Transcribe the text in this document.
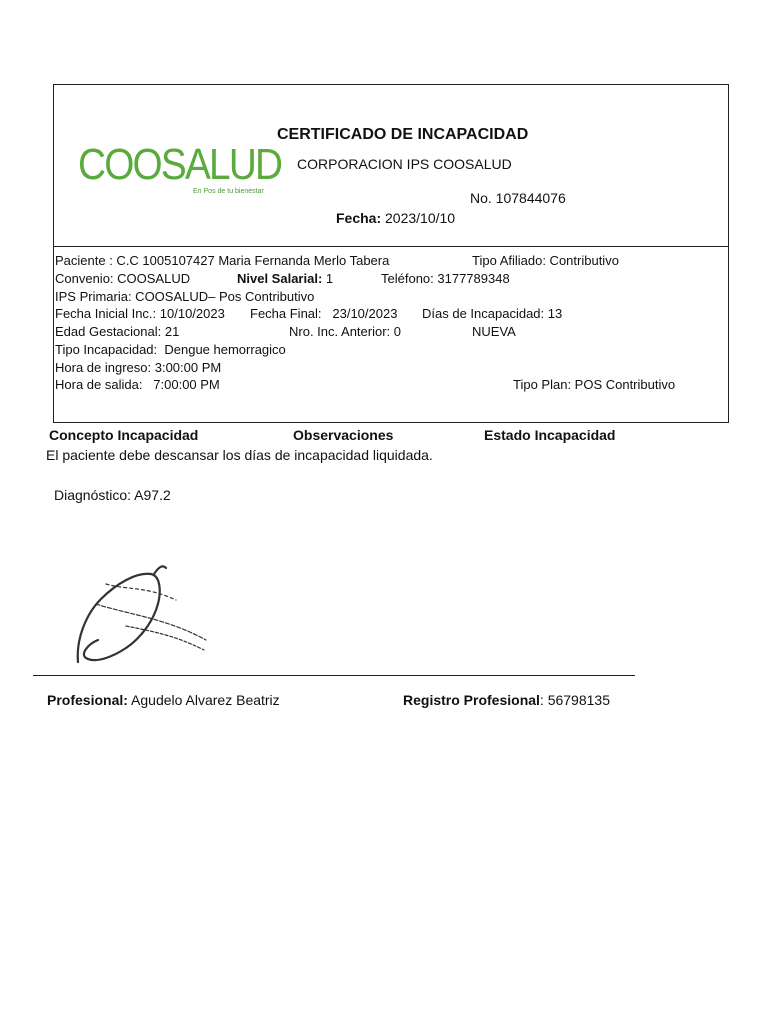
COOSALUD
En Pos de tu bienestar
CERTIFICADO DE INCAPACIDAD
CORPORACION IPS COOSALUD
No. 107844076
Fecha: 2023/10/10
Paciente : C.C 1005107427 Maria Fernanda Merlo Tabera	Tipo Afiliado: Contributivo
Convenio: COOSALUD	Nivel Salarial: 1	Teléfono: 3177789348
IPS Primaria: COOSALUD– Pos Contributivo
Fecha Inicial Inc.: 10/10/2023 Fecha Final:   23/10/2023 Días de Incapacidad: 13
Edad Gestacional: 21	Nro. Inc. Anterior: 0	NUEVA
Tipo Incapacidad:  Dengue hemorragico
Hora de ingreso: 3:00:00 PM
Hora de salida:   7:00:00 PM	Tipo Plan: POS Contributivo
Concepto Incapacidad	Observaciones	Estado Incapacidad
El paciente debe descansar los días de incapacidad liquidada.
Diagnóstico: A97.2
Profesional: Agudelo Alvarez Beatriz	Registro Profesional: 56798135
